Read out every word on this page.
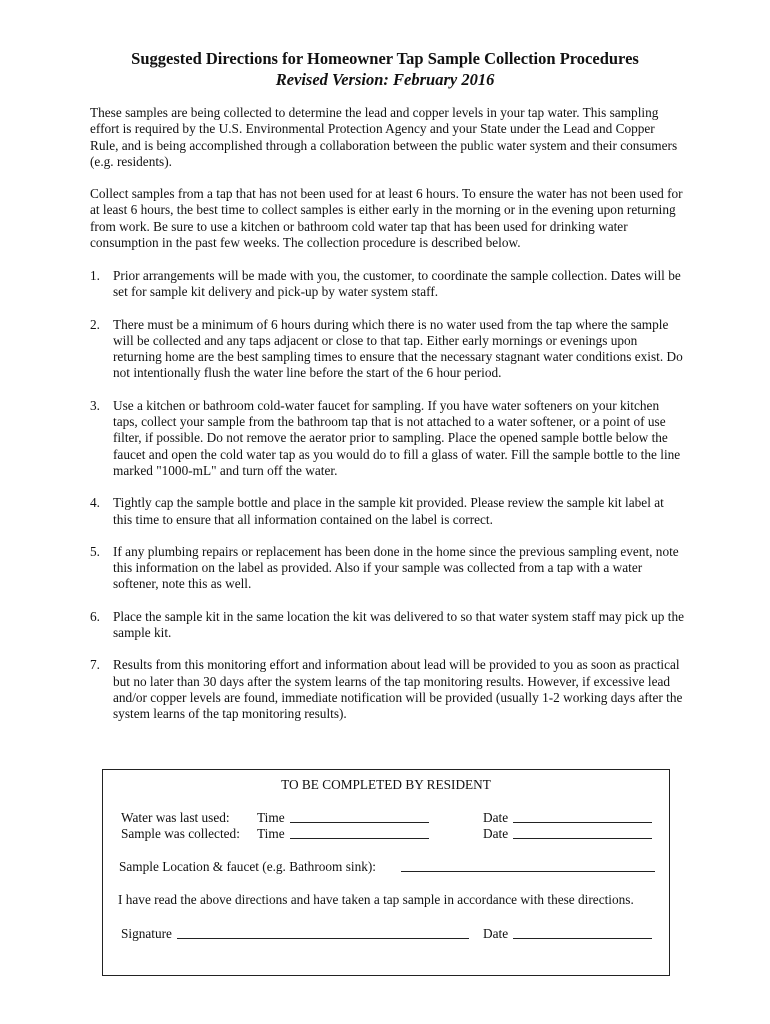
Suggested Directions for Homeowner Tap Sample Collection Procedures
Revised Version: February 2016

These samples are being collected to determine the lead and copper levels in your tap water. This sampling effort is required by the U.S. Environmental Protection Agency and your State under the Lead and Copper Rule, and is being accomplished through a collaboration between the public water system and their consumers (e.g. residents).

Collect samples from a tap that has not been used for at least 6 hours. To ensure the water has not been used for at least 6 hours, the best time to collect samples is either early in the morning or in the evening upon returning from work. Be sure to use a kitchen or bathroom cold water tap that has been used for drinking water consumption in the past few weeks. The collection procedure is described below.

1. Prior arrangements will be made with you, the customer, to coordinate the sample collection. Dates will be set for sample kit delivery and pick-up by water system staff.
2. There must be a minimum of 6 hours during which there is no water used from the tap where the sample will be collected and any taps adjacent or close to that tap. Either early mornings or evenings upon returning home are the best sampling times to ensure that the necessary stagnant water conditions exist. Do not intentionally flush the water line before the start of the 6 hour period.
3. Use a kitchen or bathroom cold-water faucet for sampling. If you have water softeners on your kitchen taps, collect your sample from the bathroom tap that is not attached to a water softener, or a point of use filter, if possible. Do not remove the aerator prior to sampling. Place the opened sample bottle below the faucet and open the cold water tap as you would do to fill a glass of water. Fill the sample bottle to the line marked "1000-mL" and turn off the water.
4. Tightly cap the sample bottle and place in the sample kit provided. Please review the sample kit label at this time to ensure that all information contained on the label is correct.
5. If any plumbing repairs or replacement has been done in the home since the previous sampling event, note this information on the label as provided. Also if your sample was collected from a tap with a water softener, note this as well.
6. Place the sample kit in the same location the kit was delivered to so that water system staff may pick up the sample kit.
7. Results from this monitoring effort and information about lead will be provided to you as soon as practical but no later than 30 days after the system learns of the tap monitoring results. However, if excessive lead and/or copper levels are found, immediate notification will be provided (usually 1-2 working days after the system learns of the tap monitoring results).
TO BE COMPLETED BY RESIDENT
Water was last used: Time	Date
Sample was collected: Time	Date
Sample Location & faucet (e.g. Bathroom sink):
I have read the above directions and have taken a tap sample in accordance with these directions.
Signature	Date
